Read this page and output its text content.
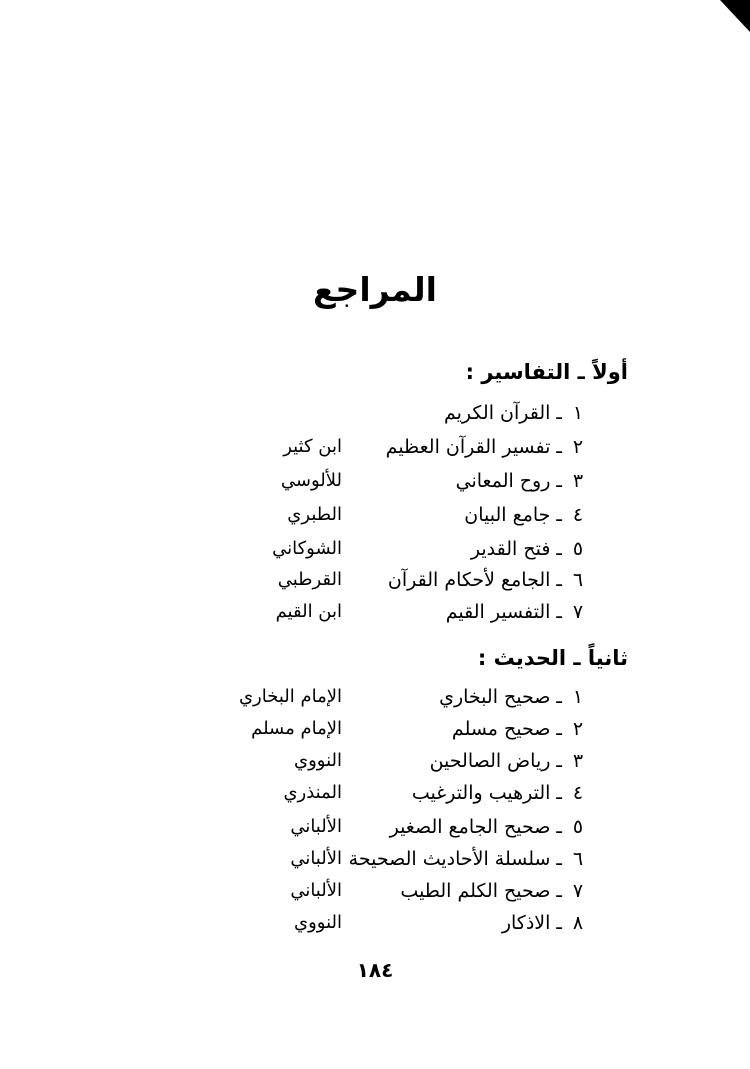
المراجع
أولاً ـ التفاسير :
١ـالقرآن الكريم
٢ـتفسير القرآن العظيم
ابن كثير
٣ـروح المعاني
للألوسي
٤ـجامع البيان
الطبري
٥ـفتح القدير
الشوكاني
٦ـالجامع لأحكام القرآن
القرطبي
٧ـالتفسير القيم
ابن القيم
ثانياً ـ الحديث :
١ـصحيح البخاري
الإمام البخاري
٢ـصحيح مسلم
الإمام مسلم
٣ـرياض الصالحين
النووي
٤ـالترهيب والترغيب
المنذري
٥ـصحيح الجامع الصغير
الألباني
٦ـسلسلة الأحاديث الصحيحة
الألباني
٧ـصحيح الكلم الطيب
الألباني
٨ـالاذكار
النووي
١٨٤
